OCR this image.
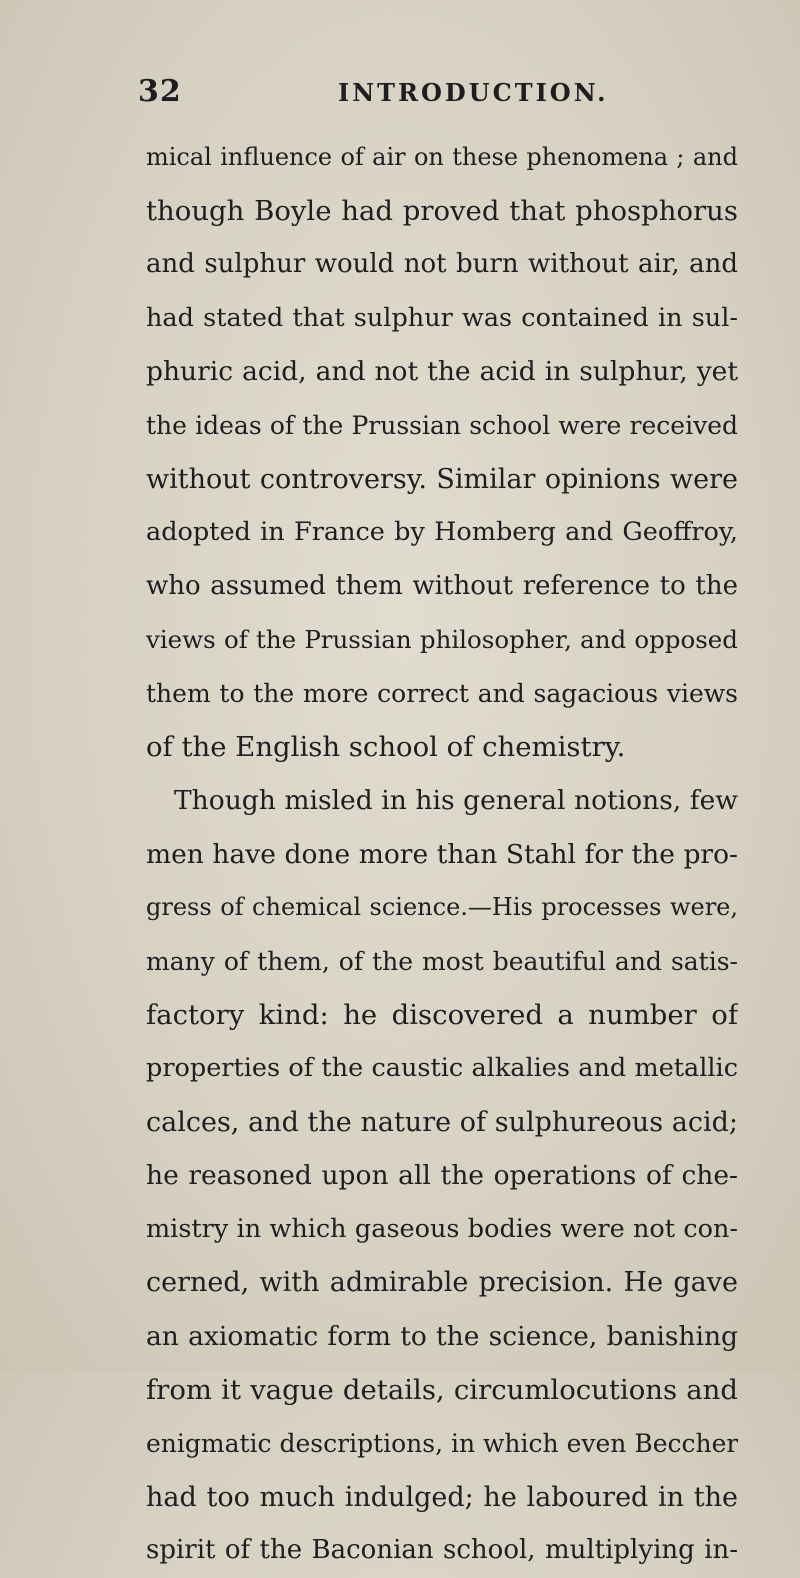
32	INTRODUCTION.
mical influence of air on these phenomena ; and
though Boyle had proved that phosphorus
and sulphur would not burn without air, and
had stated that sulphur was contained in sul-
phuric acid, and not the acid in sulphur, yet
the ideas of the Prussian school were received
without controversy. Similar opinions were
adopted in France by Homberg and Geoffroy,
who assumed them without reference to the
views of the Prussian philosopher, and opposed
them to the more correct and sagacious views
of the English school of chemistry.
Though misled in his general notions, few
men have done more than Stahl for the pro-
gress of chemical science.—His processes were,
many of them, of the most beautiful and satis-
factory kind: he discovered a number of
properties of the caustic alkalies and metallic
calces, and the nature of sulphureous acid;
he reasoned upon all the operations of che-
mistry in which gaseous bodies were not con-
cerned, with admirable precision. He gave
an axiomatic form to the science, banishing
from it vague details, circumlocutions and
enigmatic descriptions, in which even Beccher
had too much indulged; he laboured in the
spirit of the Baconian school, multiplying in-
